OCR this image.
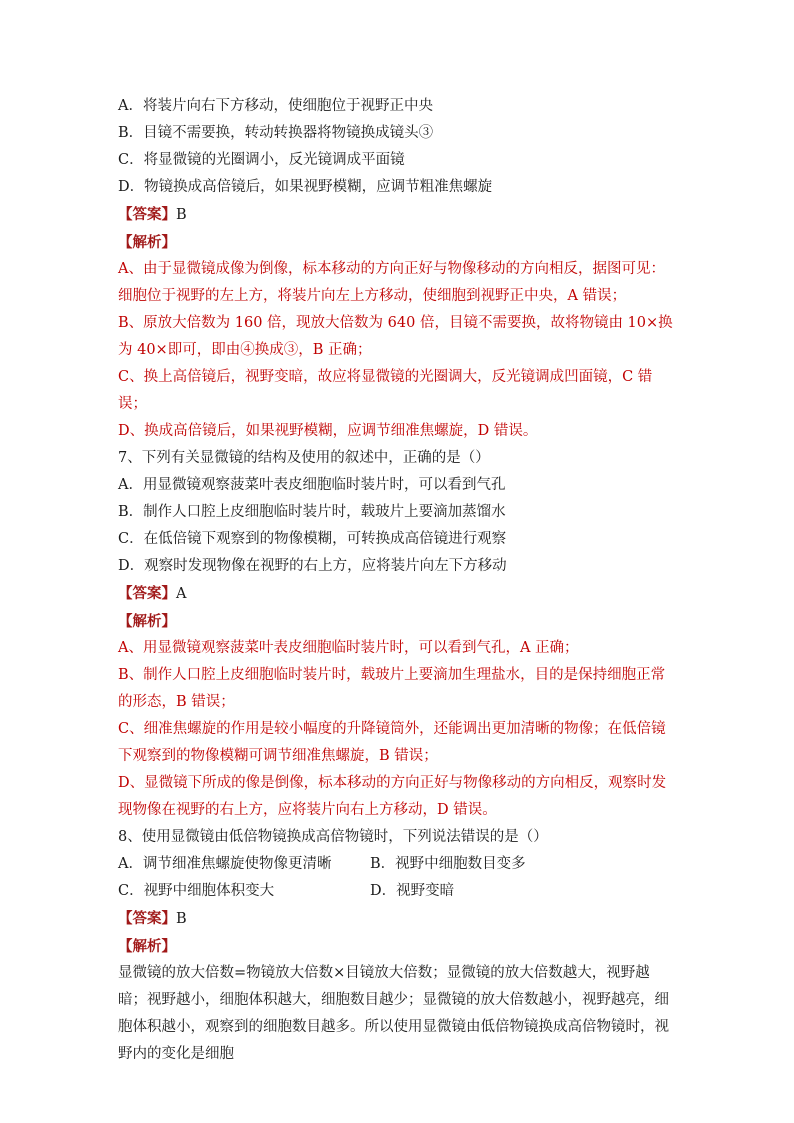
A．将装片向右下方移动，使细胞位于视野正中央
B．目镜不需要换，转动转换器将物镜换成镜头③
C．将显微镜的光圈调小，反光镜调成平面镜
D．物镜换成高倍镜后，如果视野模糊，应调节粗准焦螺旋
【答案】B
【解析】
A、由于显微镜成像为倒像，标本移动的方向正好与物像移动的方向相反，据图可见：细胞位于视野的左上方，将装片向左上方移动，使细胞到视野正中央，A 错误；
B、原放大倍数为 160 倍，现放大倍数为 640 倍，目镜不需要换，故将物镜由 10×换为 40×即可，即由④换成③，B 正确；
C、换上高倍镜后，视野变暗，故应将显微镜的光圈调大，反光镜调成凹面镜，C 错误；
D、换成高倍镜后，如果视野模糊，应调节细准焦螺旋，D 错误。
7、下列有关显微镜的结构及使用的叙述中，正确的是（）
A．用显微镜观察菠菜叶表皮细胞临时装片时，可以看到气孔
B．制作人口腔上皮细胞临时装片时，载玻片上要滴加蒸馏水
C．在低倍镜下观察到的物像模糊，可转换成高倍镜进行观察
D．观察时发现物像在视野的右上方，应将装片向左下方移动
【答案】A
【解析】
A、用显微镜观察菠菜叶表皮细胞临时装片时，可以看到气孔，A 正确；
B、制作人口腔上皮细胞临时装片时，载玻片上要滴加生理盐水，目的是保持细胞正常的形态，B 错误；
C、细准焦螺旋的作用是较小幅度的升降镜筒外，还能调出更加清晰的物像；在低倍镜下观察到的物像模糊可调节细准焦螺旋，B 错误；
D、显微镜下所成的像是倒像，标本移动的方向正好与物像移动的方向相反，观察时发现物像在视野的右上方，应将装片向右上方移动，D 错误。
8、使用显微镜由低倍物镜换成高倍物镜时，下列说法错误的是（）
A．调节细准焦螺旋使物像更清晰	B．视野中细胞数目变多
C．视野中细胞体积变大	D．视野变暗
【答案】B
【解析】
显微镜的放大倍数=物镜放大倍数×目镜放大倍数；显微镜的放大倍数越大，视野越暗；视野越小，细胞体积越大，细胞数目越少；显微镜的放大倍数越小，视野越亮，细胞体积越小，观察到的细胞数目越多。所以使用显微镜由低倍物镜换成高倍物镜时，视野内的变化是细胞
